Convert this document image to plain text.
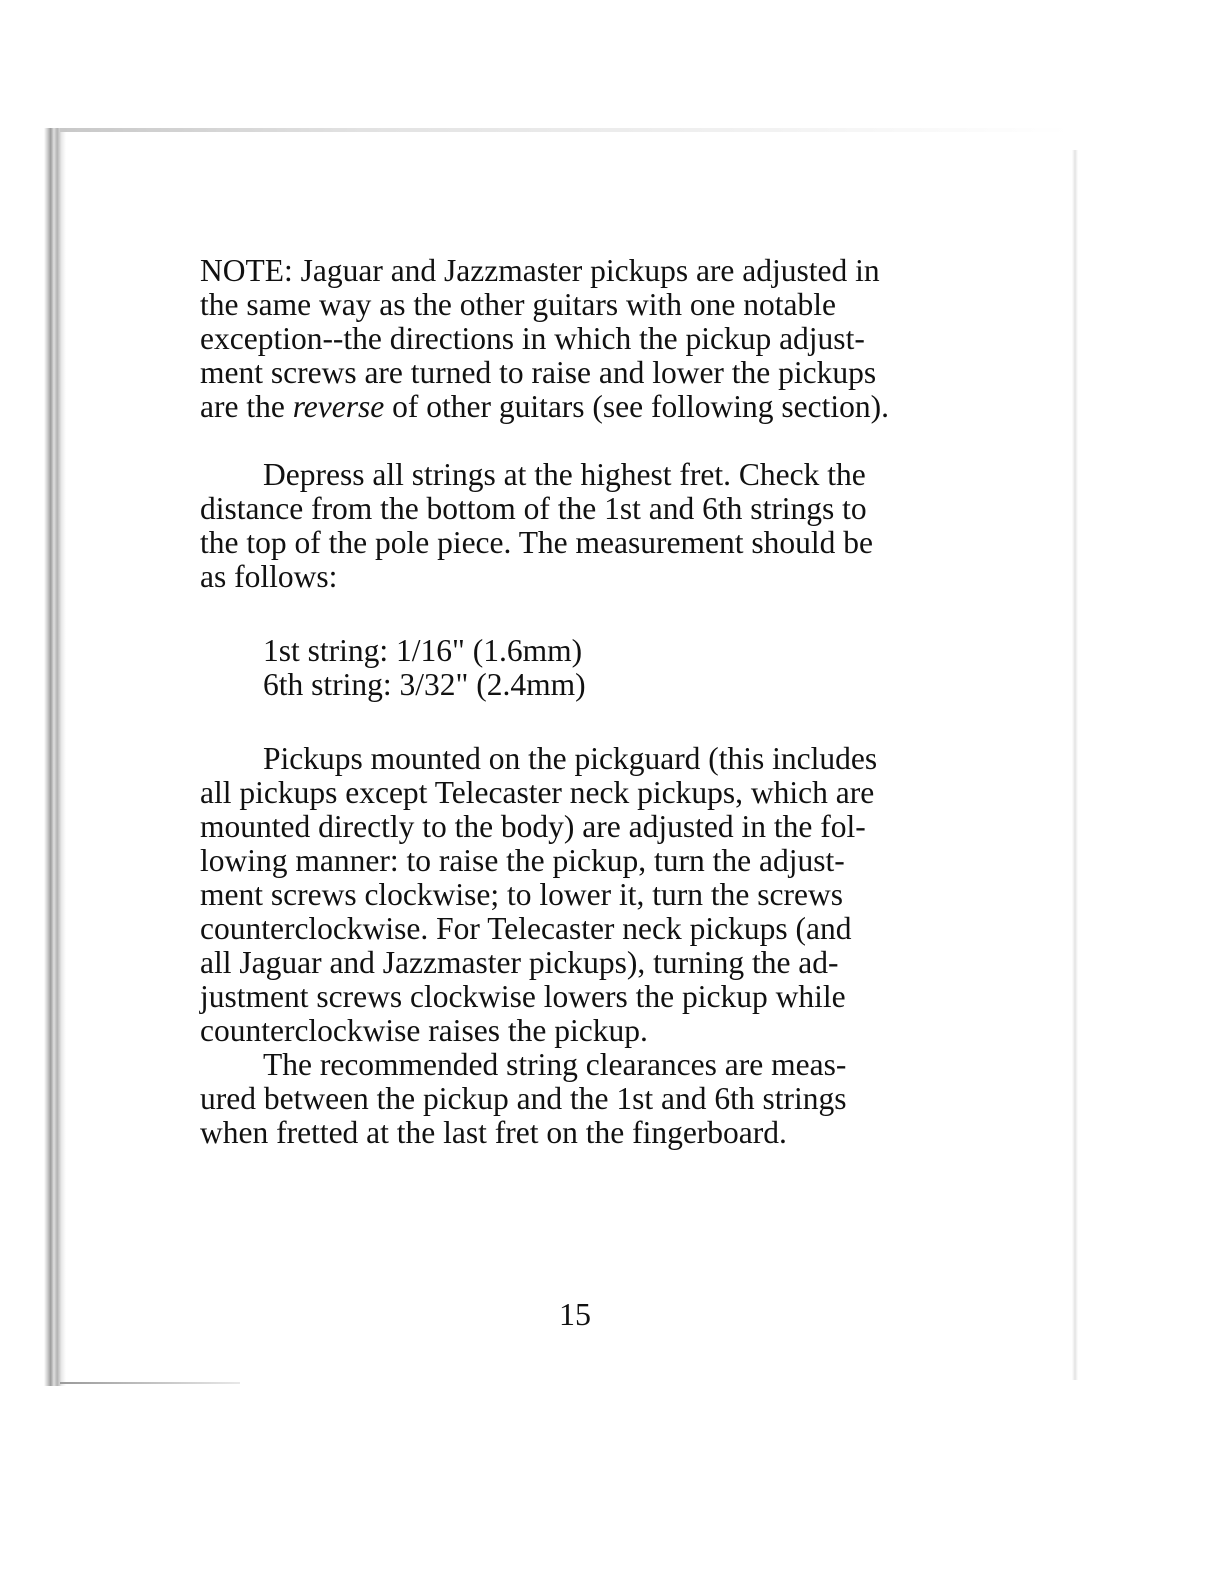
NOTE: Jaguar and Jazzmaster pickups are adjusted in
the same way as the other guitars with one notable
exception--the directions in which the pickup adjust-
ment screws are turned to raise and lower the pickups
are the reverse of other guitars (see following section).

Depress all strings at the highest fret. Check the
distance from the bottom of the 1st and 6th strings to
the top of the pole piece. The measurement should be
as follows:

1st string: 1/16" (1.6mm)
6th string: 3/32" (2.4mm)

Pickups mounted on the pickguard (this includes
all pickups except Telecaster neck pickups, which are
mounted directly to the body) are adjusted in the fol-
lowing manner: to raise the pickup, turn the adjust-
ment screws clockwise; to lower it, turn the screws
counterclockwise. For Telecaster neck pickups (and
all Jaguar and Jazzmaster pickups), turning the ad-
justment screws clockwise lowers the pickup while
counterclockwise raises the pickup.

The recommended string clearances are meas-
ured between the pickup and the 1st and 6th strings
when fretted at the last fret on the fingerboard.

15
